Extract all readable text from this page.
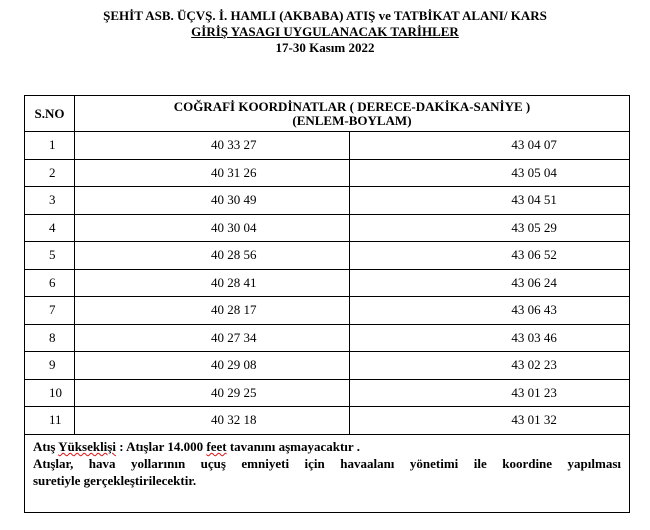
ŞEHİT ASB. ÜÇVŞ. İ. HAMLI (AKBABA) ATIŞ ve TATBİKAT ALANI/ KARS
GİRİŞ YASAGI UYGULANACAK TARİHLER
17-30 Kasım 2022
S.NO	COĞRAFİ KOORDİNATLAR ( DERECE-DAKİKA-SANİYE )
(ENLEM-BOYLAM)	

1	40 33 27	43 04 07
2	40 31 26	43 05 04
3	40 30 49	43 04 51
4	40 30 04	43 05 29
5	40 28 56	43 06 52
6	40 28 41	43 06 24
7	40 28 17	43 06 43
8	40 27 34	43 03 46
9	40 29 08	43 02 23
10	40 29 25	43 01 23
11	40 32 18	43 01 32

Atış Yükseklişi : Atışlar 14.000 feet tavanını aşmayacaktır .

Atışlar, hava yollarının uçuş emniyeti için havaalanı yönetimi ile koordine yapılması

suretiyle gerçekleştirilecektir.
